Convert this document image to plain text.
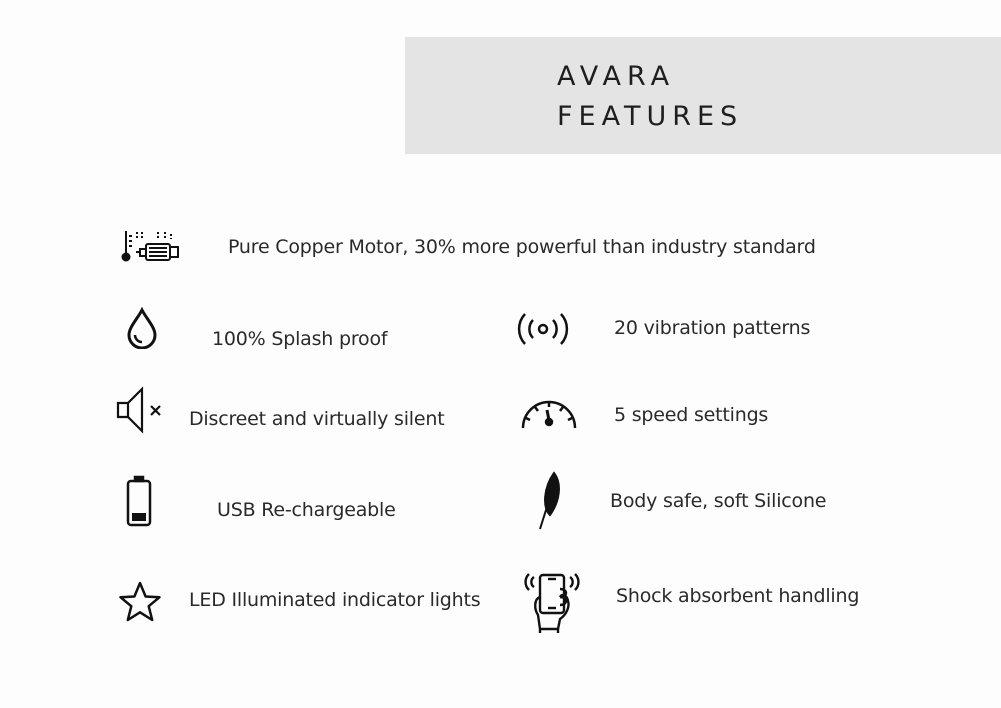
AVARA
FEATURES
Pure Copper Motor, 30% more powerful than industry standard
100% Splash proof	20 vibration patterns
Discreet and virtually silent	5 speed settings
USB Re-chargeable	Body safe, soft Silicone
LED Illuminated indicator lights	Shock absorbent handling
